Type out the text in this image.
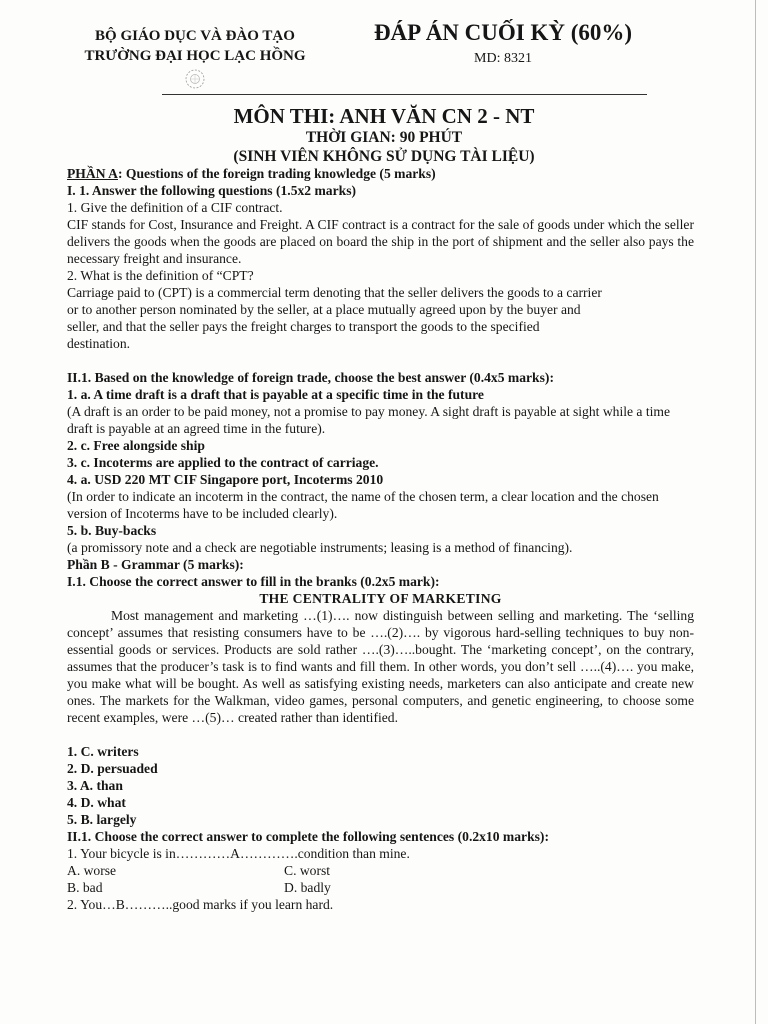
BỘ GIÁO DỤC VÀ ĐÀO TẠO
TRƯỜNG ĐẠI HỌC LẠC HỒNG
ĐÁP ÁN CUỐI KỲ (60%)
MD: 8321
MÔN THI: ANH VĂN CN 2 - NT
THỜI GIAN: 90 PHÚT
(SINH VIÊN KHÔNG SỬ DỤNG TÀI LIỆU)

PHẦN A: Questions of the foreign trading knowledge (5 marks)

I. 1. Answer the following questions (1.5x2 marks)

1. Give the definition of a CIF contract.

CIF stands for Cost, Insurance and Freight. A CIF contract is a contract for the sale of goods under which the seller delivers the goods when the goods are placed on board the ship in the port of shipment and the seller also pays the necessary freight and insurance.

2. What is the definition of “CPT?

Carriage paid to (CPT) is a commercial term denoting that the seller delivers the goods to a carrier

or to another person nominated by the seller, at a place mutually agreed upon by the buyer and

seller, and that the seller pays the freight charges to transport the goods to the specified

destination.

II.1. Based on the knowledge of foreign trade, choose the best answer (0.4x5 marks):

1. a. A time draft is a draft that is payable at a specific time in the future

(A draft is an order to be paid money, not a promise to pay money. A sight draft is payable at sight while a time draft is payable at an agreed time in the future).

2. c. Free alongside ship

3. c. Incoterms are applied to the contract of carriage.

4. a. USD 220 MT CIF Singapore port, Incoterms 2010

(In order to indicate an incoterm in the contract, the name of the chosen term, a clear location and the chosen version of Incoterms have to be included clearly).

5. b. Buy-backs

(a promissory note and a check are negotiable instruments; leasing is a method of financing).

Phần B - Grammar (5 marks):

I.1. Choose the correct answer to fill in the branks (0.2x5 mark):

THE CENTRALITY OF MARKETING

Most management and marketing …(1)…. now distinguish between selling and marketing. The ‘selling concept’ assumes that resisting consumers have to be ….(2)…. by vigorous hard-selling techniques to buy non-essential goods or services. Products are sold rather ….(3)…..bought. The ‘marketing concept’, on the contrary, assumes that the producer’s task is to find wants and fill them. In other words, you don’t sell …..(4)…. you make, you make what will be bought. As well as satisfying existing needs, marketers can also anticipate and create new ones. The markets for the Walkman, video games, personal computers, and genetic engineering, to choose some recent examples, were …(5)… created rather than identified.

1. C. writers

2. D. persuaded

3. A. than

4. D. what

5. B. largely

II.1. Choose the correct answer to complete the following sentences (0.2x10 marks):

1. Your bicycle is in…………A………….condition than mine.

A. worse	C. worst
B. bad	D. badly

2. You…B………..good marks if you learn hard.
